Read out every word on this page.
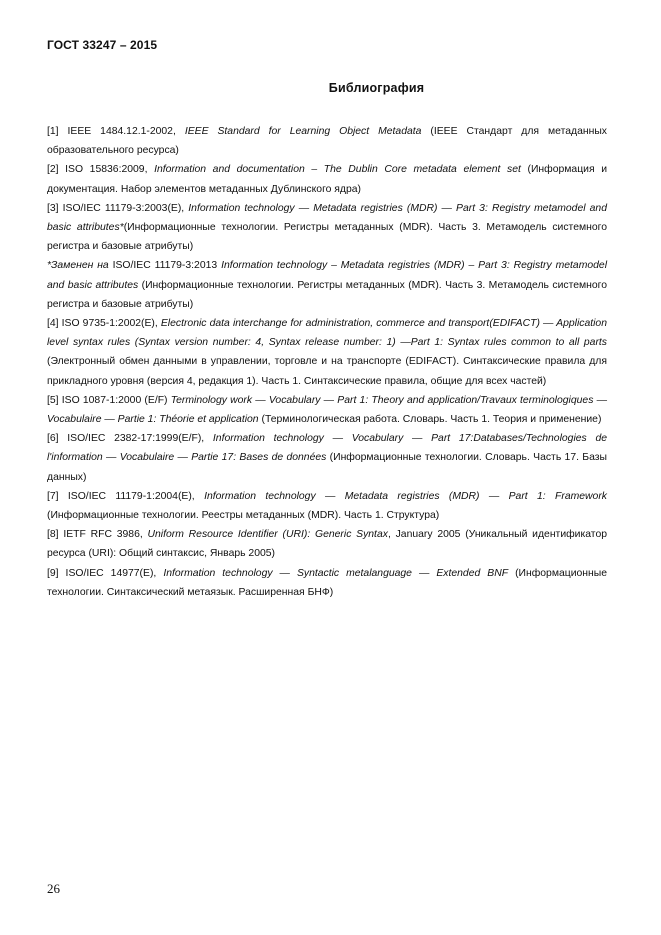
ГОСТ 33247 – 2015
Библиография

[1] IEEE 1484.12.1-2002, IEEE Standard for Learning Object Metadata (IEEE Стандарт для метаданных образовательного ресурса)

[2] ISO 15836:2009, Information and documentation – The Dublin Core metadata element set (Информация и документация. Набор элементов метаданных Дублинского ядра)

[3] ISO/IEC 11179-3:2003(E), Information technology — Metadata registries (MDR) — Part 3: Registry metamodel and basic attributes*(Информационные технологии. Регистры метаданных (MDR). Часть 3. Метамодель системного регистра и базовые атрибуты)

*Заменен на ISO/IEC 11179-3:2013 Information technology – Metadata registries (MDR) – Part 3: Registry metamodel and basic attributes (Информационные технологии. Регистры метаданных (MDR). Часть 3. Метамодель системного регистра и базовые атрибуты)

[4] ISO 9735-1:2002(E), Electronic data interchange for administration, commerce and transport(EDIFACT) — Application level syntax rules (Syntax version number: 4, Syntax release number: 1) —Part 1: Syntax rules common to all parts (Электронный обмен данными в управлении, торговле и на транспорте (EDIFACT). Синтаксические правила для прикладного уровня (версия 4, редакция 1). Часть 1. Синтаксические правила, общие для всех частей)

[5] ISO 1087-1:2000 (E/F) Terminology work — Vocabulary — Part 1: Theory and application/Travaux terminologiques — Vocabulaire — Partie 1: Théorie et application (Терминологическая работа. Словарь. Часть 1. Теория и применение)

[6] ISO/IEC 2382-17:1999(E/F), Information technology — Vocabulary — Part 17:Databases/Technologies de l'information — Vocabulaire — Partie 17: Bases de données (Информационные технологии. Словарь. Часть 17. Базы данных)

[7] ISO/IEC 11179-1:2004(E), Information technology — Metadata registries (MDR) — Part 1: Framework (Информационные технологии. Реестры метаданных (MDR). Часть 1. Структура)

[8] IETF RFC 3986, Uniform Resource Identifier (URI): Generic Syntax, January 2005 (Уникальный идентификатор ресурса (URI): Общий синтаксис, Январь 2005)

[9] ISO/IEC 14977(E), Information technology — Syntactic metalanguage — Extended BNF (Информационные технологии. Синтаксический метаязык. Расширенная БНФ)

26
